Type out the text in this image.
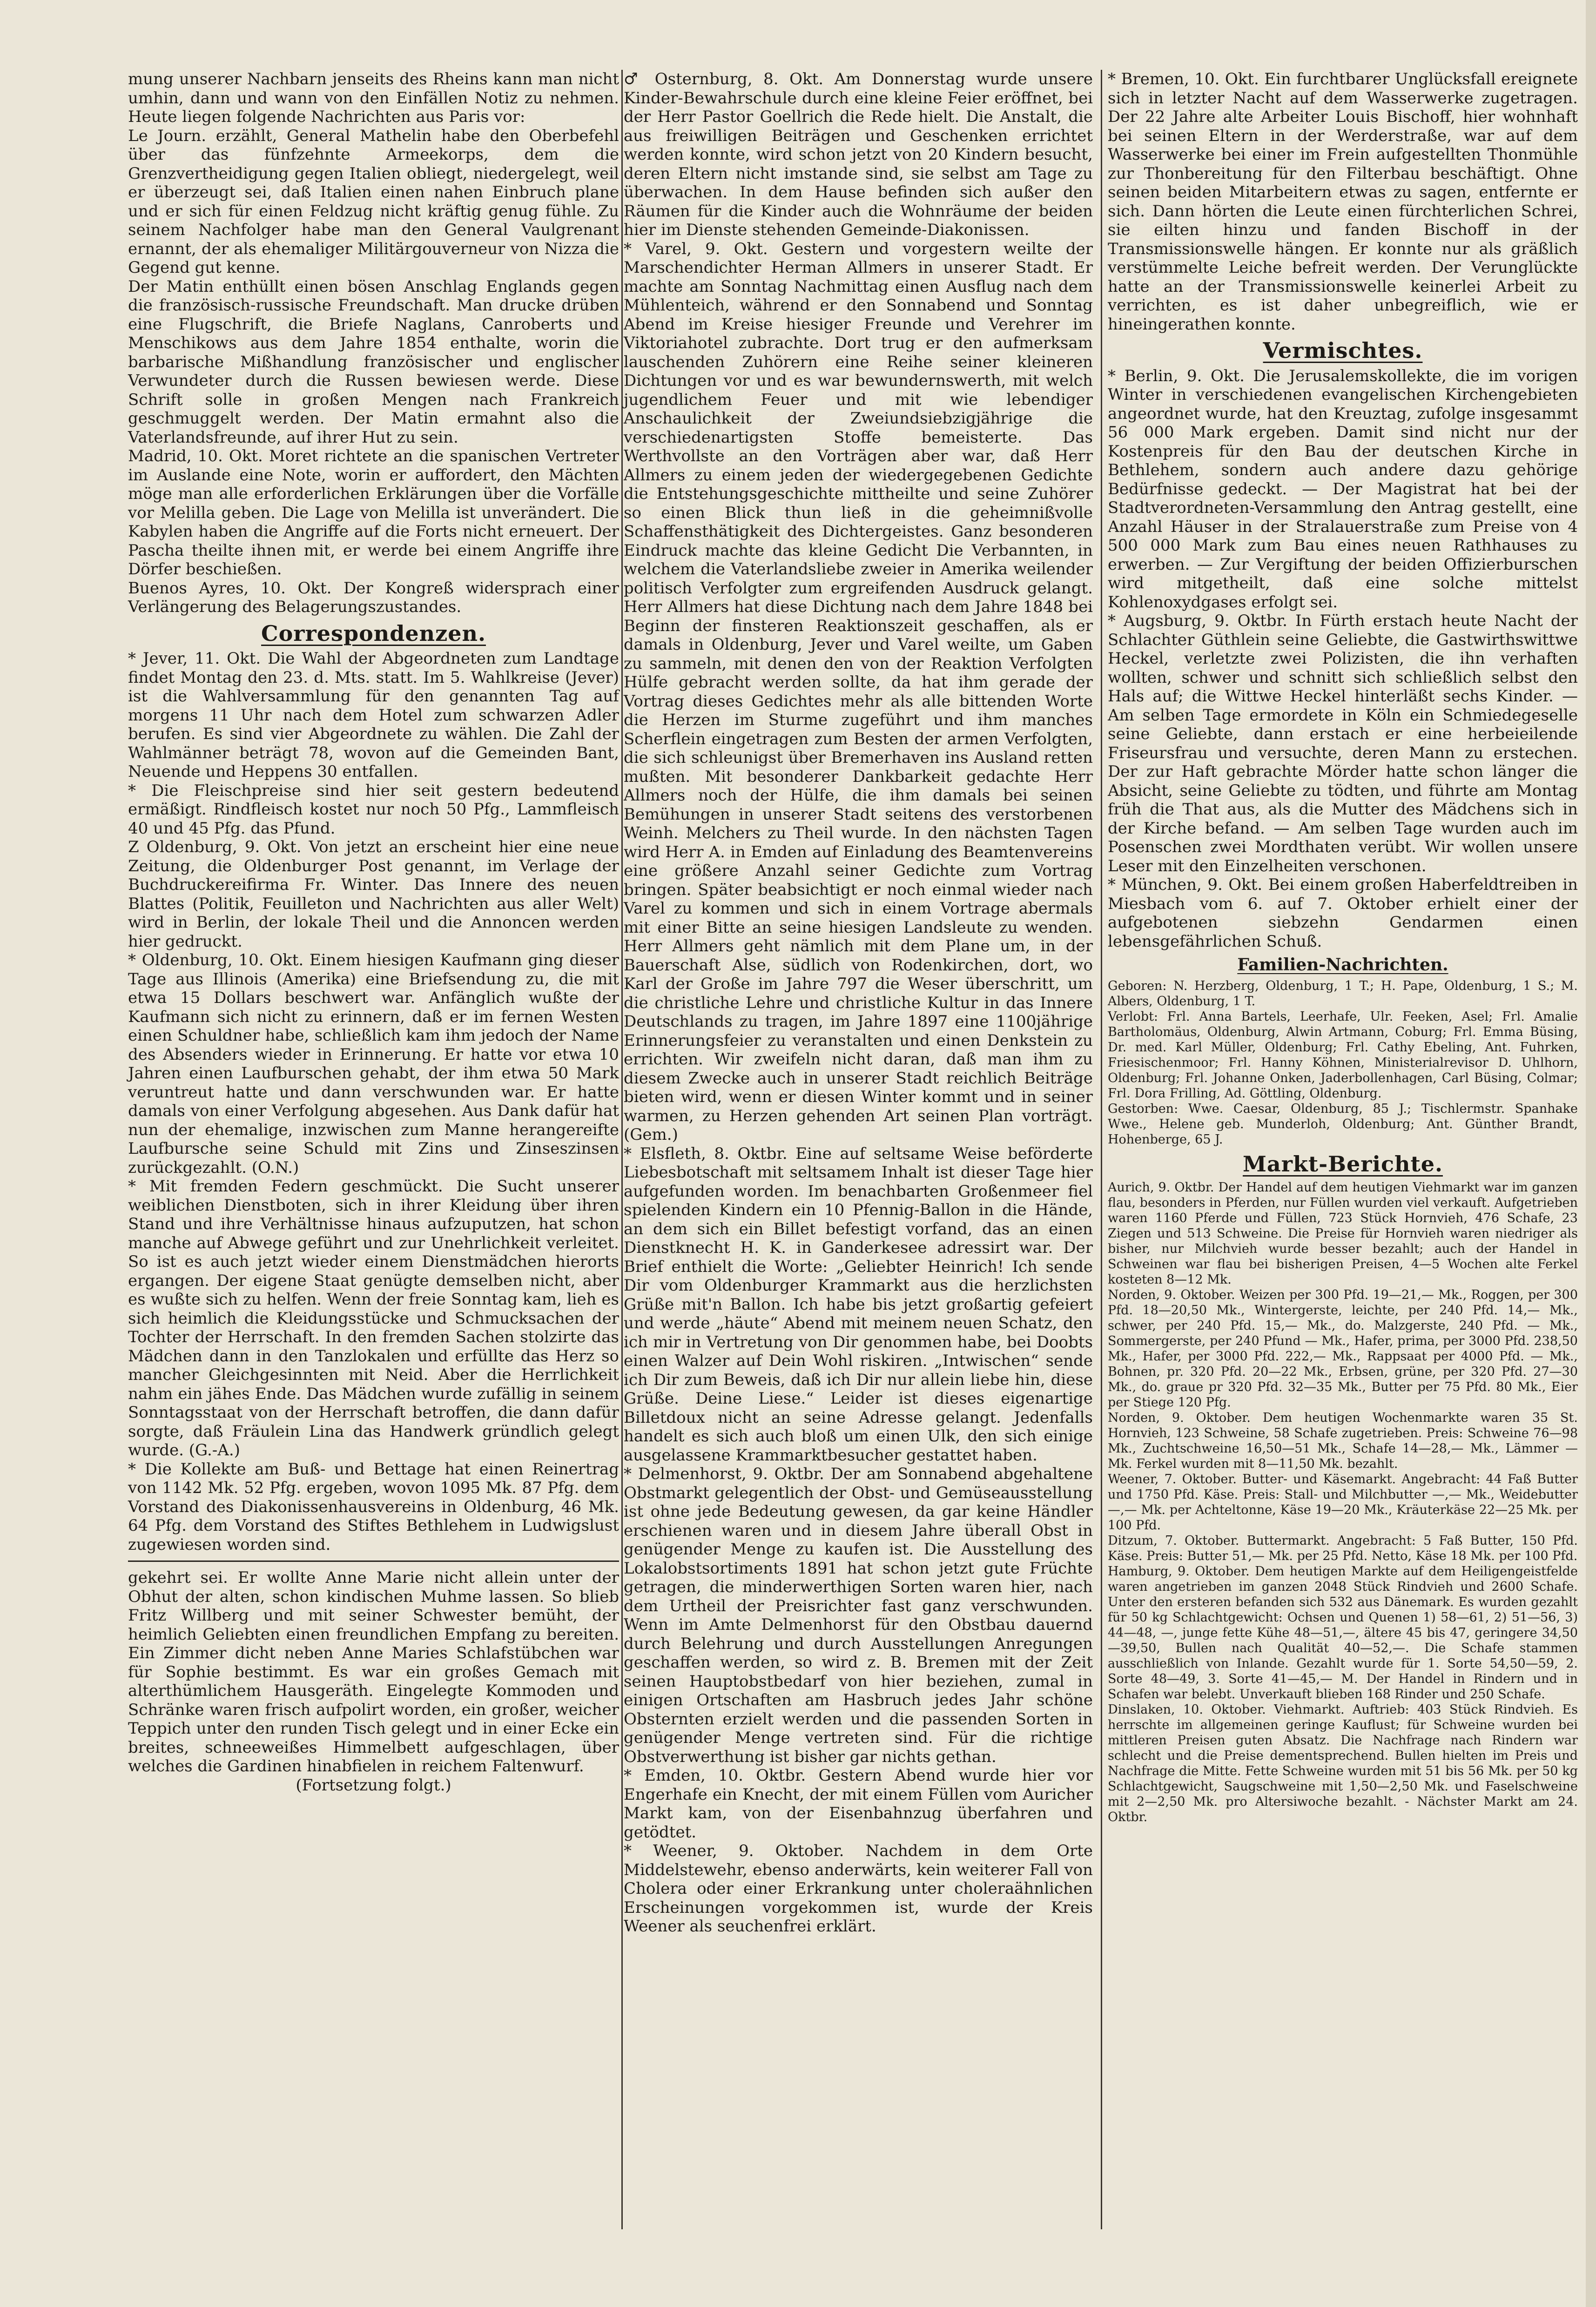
mung unserer Nachbarn jenseits des Rheins kann man nicht umhin, dann und wann von den Einfällen Notiz zu nehmen. Heute liegen folgende Nachrichten aus Paris vor:

Le Journ. erzählt, General Mathelin habe den Oberbefehl über das fünfzehnte Armeekorps, dem die Grenzvertheidigung gegen Italien obliegt, niedergelegt, weil er überzeugt sei, daß Italien einen nahen Einbruch plane und er sich für einen Feldzug nicht kräftig genug fühle. Zu seinem Nachfolger habe man den General Vaulgrenant ernannt, der als ehemaliger Militärgouverneur von Nizza die Gegend gut kenne.

Der Matin enthüllt einen bösen Anschlag Englands gegen die französisch-russische Freundschaft. Man drucke drüben eine Flugschrift, die Briefe Naglans, Canroberts und Menschikows aus dem Jahre 1854 enthalte, worin die barbarische Mißhandlung französischer und englischer Verwundeter durch die Russen bewiesen werde. Diese Schrift solle in großen Mengen nach Frankreich geschmuggelt werden. Der Matin ermahnt also die Vaterlandsfreunde, auf ihrer Hut zu sein.

Madrid, 10. Okt. Moret richtete an die spanischen Vertreter im Auslande eine Note, worin er auffordert, den Mächten möge man alle erforderlichen Erklärungen über die Vorfälle vor Melilla geben. Die Lage von Melilla ist unverändert. Die Kabylen haben die Angriffe auf die Forts nicht erneuert. Der Pascha theilte ihnen mit, er werde bei einem Angriffe ihre Dörfer beschießen.

Buenos Ayres, 10. Okt. Der Kongreß widersprach einer Verlängerung des Belagerungszustandes.

Correspondenzen.

* Jever, 11. Okt. Die Wahl der Abgeordneten zum Landtage findet Montag den 23. d. Mts. statt. Im 5. Wahlkreise (Jever) ist die Wahlversammlung für den genannten Tag auf morgens 11 Uhr nach dem Hotel zum schwarzen Adler berufen. Es sind vier Abgeordnete zu wählen. Die Zahl der Wahlmänner beträgt 78, wovon auf die Gemeinden Bant, Neuende und Heppens 30 entfallen.

* Die Fleischpreise sind hier seit gestern bedeutend ermäßigt. Rindfleisch kostet nur noch 50 Pfg., Lammfleisch 40 und 45 Pfg. das Pfund.

Z Oldenburg, 9. Okt. Von jetzt an erscheint hier eine neue Zeitung, die Oldenburger Post genannt, im Verlage der Buchdruckereifirma Fr. Winter. Das Innere des neuen Blattes (Politik, Feuilleton und Nachrichten aus aller Welt) wird in Berlin, der lokale Theil und die Annoncen werden hier gedruckt.

* Oldenburg, 10. Okt. Einem hiesigen Kaufmann ging dieser Tage aus Illinois (Amerika) eine Briefsendung zu, die mit etwa 15 Dollars beschwert war. Anfänglich wußte der Kaufmann sich nicht zu erinnern, daß er im fernen Westen einen Schuldner habe, schließlich kam ihm jedoch der Name des Absenders wieder in Erinnerung. Er hatte vor etwa 10 Jahren einen Laufburschen gehabt, der ihm etwa 50 Mark veruntreut hatte und dann verschwunden war. Er hatte damals von einer Verfolgung abgesehen. Aus Dank dafür hat nun der ehemalige, inzwischen zum Manne herangereifte Laufbursche seine Schuld mit Zins und Zinseszinsen zurückgezahlt. (O.N.)

* Mit fremden Federn geschmückt. Die Sucht unserer weiblichen Dienstboten, sich in ihrer Kleidung über ihren Stand und ihre Verhältnisse hinaus aufzuputzen, hat schon manche auf Abwege geführt und zur Unehrlichkeit verleitet. So ist es auch jetzt wieder einem Dienstmädchen hierorts ergangen. Der eigene Staat genügte demselben nicht, aber es wußte sich zu helfen. Wenn der freie Sonntag kam, lieh es sich heimlich die Kleidungsstücke und Schmucksachen der Tochter der Herrschaft. In den fremden Sachen stolzirte das Mädchen dann in den Tanzlokalen und erfüllte das Herz so mancher Gleichgesinnten mit Neid. Aber die Herrlichkeit nahm ein jähes Ende. Das Mädchen wurde zufällig in seinem Sonntagsstaat von der Herrschaft betroffen, die dann dafür sorgte, daß Fräulein Lina das Handwerk gründlich gelegt wurde. (G.-A.)

* Die Kollekte am Buß- und Bettage hat einen Reinertrag von 1142 Mk. 52 Pfg. ergeben, wovon 1095 Mk. 87 Pfg. dem Vorstand des Diakonissenhausvereins in Oldenburg, 46 Mk. 64 Pfg. dem Vorstand des Stiftes Bethlehem in Ludwigslust zugewiesen worden sind.

gekehrt sei. Er wollte Anne Marie nicht allein unter der Obhut der alten, schon kindischen Muhme lassen. So blieb Fritz Willberg und mit seiner Schwester bemüht, der heimlich Geliebten einen freundlichen Empfang zu bereiten. Ein Zimmer dicht neben Anne Maries Schlafstübchen war für Sophie bestimmt. Es war ein großes Gemach mit alterthümlichem Hausgeräth. Eingelegte Kommoden und Schränke waren frisch aufpolirt worden, ein großer, weicher Teppich unter den runden Tisch gelegt und in einer Ecke ein breites, schneeweißes Himmelbett aufgeschlagen, über welches die Gardinen hinabfielen in reichem Faltenwurf.

(Fortsetzung folgt.)

♂ Osternburg, 8. Okt. Am Donnerstag wurde unsere Kinder-Bewahrschule durch eine kleine Feier eröffnet, bei der Herr Pastor Goellrich die Rede hielt. Die Anstalt, die aus freiwilligen Beiträgen und Geschenken errichtet werden konnte, wird schon jetzt von 20 Kindern besucht, deren Eltern nicht imstande sind, sie selbst am Tage zu überwachen. In dem Hause befinden sich außer den Räumen für die Kinder auch die Wohnräume der beiden hier im Dienste stehenden Gemeinde-Diakonissen.

* Varel, 9. Okt. Gestern und vorgestern weilte der Marschendichter Herman Allmers in unserer Stadt. Er machte am Sonntag Nachmittag einen Ausflug nach dem Mühlenteich, während er den Sonnabend und Sonntag Abend im Kreise hiesiger Freunde und Verehrer im Viktoriahotel zubrachte. Dort trug er den aufmerksam lauschenden Zuhörern eine Reihe seiner kleineren Dichtungen vor und es war bewundernswerth, mit welch jugendlichem Feuer und mit wie lebendiger Anschaulichkeit der Zweiundsiebzigjährige die verschiedenartigsten Stoffe bemeisterte. Das Werthvollste an den Vorträgen aber war, daß Herr Allmers zu einem jeden der wiedergegebenen Gedichte die Entstehungsgeschichte mittheilte und seine Zuhörer so einen Blick thun ließ in die geheimnißvolle Schaffensthätigkeit des Dichtergeistes. Ganz besonderen Eindruck machte das kleine Gedicht Die Verbannten, in welchem die Vaterlandsliebe zweier in Amerika weilender politisch Verfolgter zum ergreifenden Ausdruck gelangt. Herr Allmers hat diese Dichtung nach dem Jahre 1848 bei Beginn der finsteren Reaktionszeit geschaffen, als er damals in Oldenburg, Jever und Varel weilte, um Gaben zu sammeln, mit denen den von der Reaktion Verfolgten Hülfe gebracht werden sollte, da hat ihm gerade der Vortrag dieses Gedichtes mehr als alle bittenden Worte die Herzen im Sturme zugeführt und ihm manches Scherflein eingetragen zum Besten der armen Verfolgten, die sich schleunigst über Bremerhaven ins Ausland retten mußten. Mit besonderer Dankbarkeit gedachte Herr Allmers noch der Hülfe, die ihm damals bei seinen Bemühungen in unserer Stadt seitens des verstorbenen Weinh. Melchers zu Theil wurde. In den nächsten Tagen wird Herr A. in Emden auf Einladung des Beamtenvereins eine größere Anzahl seiner Gedichte zum Vortrag bringen. Später beabsichtigt er noch einmal wieder nach Varel zu kommen und sich in einem Vortrage abermals mit einer Bitte an seine hiesigen Landsleute zu wenden. Herr Allmers geht nämlich mit dem Plane um, in der Bauerschaft Alse, südlich von Rodenkirchen, dort, wo Karl der Große im Jahre 797 die Weser überschritt, um die christliche Lehre und christliche Kultur in das Innere Deutschlands zu tragen, im Jahre 1897 eine 1100jährige Erinnerungsfeier zu veranstalten und einen Denkstein zu errichten. Wir zweifeln nicht daran, daß man ihm zu diesem Zwecke auch in unserer Stadt reichlich Beiträge bieten wird, wenn er diesen Winter kommt und in seiner warmen, zu Herzen gehenden Art seinen Plan vorträgt. (Gem.)

* Elsfleth, 8. Oktbr. Eine auf seltsame Weise beförderte Liebesbotschaft mit seltsamem Inhalt ist dieser Tage hier aufgefunden worden. Im benachbarten Großenmeer fiel spielenden Kindern ein 10 Pfennig-Ballon in die Hände, an dem sich ein Billet befestigt vorfand, das an einen Dienstknecht H. K. in Ganderkesee adressirt war. Der Brief enthielt die Worte: „Geliebter Heinrich! Ich sende Dir vom Oldenburger Krammarkt aus die herzlichsten Grüße mit'n Ballon. Ich habe bis jetzt großartig gefeiert und werde „häute“ Abend mit meinem neuen Schatz, den ich mir in Vertretung von Dir genommen habe, bei Doobts einen Walzer auf Dein Wohl riskiren. „Intwischen“ sende ich Dir zum Beweis, daß ich Dir nur allein liebe hin, diese Grüße. Deine Liese.“ Leider ist dieses eigenartige Billetdoux nicht an seine Adresse gelangt. Jedenfalls handelt es sich auch bloß um einen Ulk, den sich einige ausgelassene Krammarktbesucher gestattet haben.

* Delmenhorst, 9. Oktbr. Der am Sonnabend abgehaltene Obstmarkt gelegentlich der Obst- und Gemüseausstellung ist ohne jede Bedeutung gewesen, da gar keine Händler erschienen waren und in diesem Jahre überall Obst in genügender Menge zu kaufen ist. Die Ausstellung des Lokalobstsortiments 1891 hat schon jetzt gute Früchte getragen, die minderwerthigen Sorten waren hier, nach dem Urtheil der Preisrichter fast ganz verschwunden. Wenn im Amte Delmenhorst für den Obstbau dauernd durch Belehrung und durch Ausstellungen Anregungen geschaffen werden, so wird z. B. Bremen mit der Zeit seinen Hauptobstbedarf von hier beziehen, zumal in einigen Ortschaften am Hasbruch jedes Jahr schöne Obsternten erzielt werden und die passenden Sorten in genügender Menge vertreten sind. Für die richtige Obstverwerthung ist bisher gar nichts gethan.

* Emden, 10. Oktbr. Gestern Abend wurde hier vor Engerhafe ein Knecht, der mit einem Füllen vom Auricher Markt kam, von der Eisenbahnzug überfahren und getödtet.

* Weener, 9. Oktober. Nachdem in dem Orte Middelstewehr, ebenso anderwärts, kein weiterer Fall von Cholera oder einer Erkrankung unter choleraähnlichen Erscheinungen vorgekommen ist, wurde der Kreis Weener als seuchenfrei erklärt.

* Bremen, 10. Okt. Ein furchtbarer Unglücksfall ereignete sich in letzter Nacht auf dem Wasserwerke zugetragen. Der 22 Jahre alte Arbeiter Louis Bischoff, hier wohnhaft bei seinen Eltern in der Werderstraße, war auf dem Wasserwerke bei einer im Frein aufgestellten Thonmühle zur Thonbereitung für den Filterbau beschäftigt. Ohne seinen beiden Mitarbeitern etwas zu sagen, entfernte er sich. Dann hörten die Leute einen fürchterlichen Schrei, sie eilten hinzu und fanden Bischoff in der Transmissionswelle hängen. Er konnte nur als gräßlich verstümmelte Leiche befreit werden. Der Verunglückte hatte an der Transmissionswelle keinerlei Arbeit zu verrichten, es ist daher unbegreiflich, wie er hineingerathen konnte.

Vermischtes.

* Berlin, 9. Okt. Die Jerusalemskollekte, die im vorigen Winter in verschiedenen evangelischen Kirchengebieten angeordnet wurde, hat den Kreuztag, zufolge insgesammt 56 000 Mark ergeben. Damit sind nicht nur der Kostenpreis für den Bau der deutschen Kirche in Bethlehem, sondern auch andere dazu gehörige Bedürfnisse gedeckt. — Der Magistrat hat bei der Stadtverordneten-Versammlung den Antrag gestellt, eine Anzahl Häuser in der Stralauerstraße zum Preise von 4 500 000 Mark zum Bau eines neuen Rathhauses zu erwerben. — Zur Vergiftung der beiden Offizierburschen wird mitgetheilt, daß eine solche mittelst Kohlenoxydgases erfolgt sei.

* Augsburg, 9. Oktbr. In Fürth erstach heute Nacht der Schlachter Güthlein seine Geliebte, die Gastwirthswittwe Heckel, verletzte zwei Polizisten, die ihn verhaften wollten, schwer und schnitt sich schließlich selbst den Hals auf; die Wittwe Heckel hinterläßt sechs Kinder. — Am selben Tage ermordete in Köln ein Schmiedegeselle seine Geliebte, dann erstach er eine herbeieilende Friseursfrau und versuchte, deren Mann zu erstechen. Der zur Haft gebrachte Mörder hatte schon länger die Absicht, seine Geliebte zu tödten, und führte am Montag früh die That aus, als die Mutter des Mädchens sich in der Kirche befand. — Am selben Tage wurden auch im Posenschen zwei Mordthaten verübt. Wir wollen unsere Leser mit den Einzelheiten verschonen.

* München, 9. Okt. Bei einem großen Haberfeldtreiben in Miesbach vom 6. auf 7. Oktober erhielt einer der aufgebotenen siebzehn Gendarmen einen lebensgefährlichen Schuß.

Familien-Nachrichten.

Geboren: N. Herzberg, Oldenburg, 1 T.; H. Pape, Oldenburg, 1 S.; M. Albers, Oldenburg, 1 T.

Verlobt: Frl. Anna Bartels, Leerhafe, Ulr. Feeken, Asel; Frl. Amalie Bartholomäus, Oldenburg, Alwin Artmann, Coburg; Frl. Emma Büsing, Dr. med. Karl Müller, Oldenburg; Frl. Cathy Ebeling, Ant. Fuhrken, Friesischenmoor; Frl. Hanny Köhnen, Ministerialrevisor D. Uhlhorn, Oldenburg; Frl. Johanne Onken, Jaderbollenhagen, Carl Büsing, Colmar; Frl. Dora Frilling, Ad. Göttling, Oldenburg.

Gestorben: Wwe. Caesar, Oldenburg, 85 J.; Tischlermstr. Spanhake Wwe., Helene geb. Munderloh, Oldenburg; Ant. Günther Brandt, Hohenberge, 65 J.

Markt-Berichte.

Aurich, 9. Oktbr. Der Handel auf dem heutigen Viehmarkt war im ganzen flau, besonders in Pferden, nur Füllen wurden viel verkauft. Aufgetrieben waren 1160 Pferde und Füllen, 723 Stück Hornvieh, 476 Schafe, 23 Ziegen und 513 Schweine. Die Preise für Hornvieh waren niedriger als bisher, nur Milchvieh wurde besser bezahlt; auch der Handel in Schweinen war flau bei bisherigen Preisen, 4—5 Wochen alte Ferkel kosteten 8—12 Mk.

Norden, 9. Oktober. Weizen per 300 Pfd. 19—21,— Mk., Roggen, per 300 Pfd. 18—20,50 Mk., Wintergerste, leichte, per 240 Pfd. 14,— Mk., schwer, per 240 Pfd. 15,— Mk., do. Malzgerste, 240 Pfd. — Mk., Sommergerste, per 240 Pfund — Mk., Hafer, prima, per 3000 Pfd. 238,50 Mk., Hafer, per 3000 Pfd. 222,— Mk., Rappsaat per 4000 Pfd. — Mk., Bohnen, pr. 320 Pfd. 20—22 Mk., Erbsen, grüne, per 320 Pfd. 27—30 Mk., do. graue pr 320 Pfd. 32—35 Mk., Butter per 75 Pfd. 80 Mk., Eier per Stiege 120 Pfg.

Norden, 9. Oktober. Dem heutigen Wochenmarkte waren 35 St. Hornvieh, 123 Schweine, 58 Schafe zugetrieben. Preis: Schweine 76—98 Mk., Zuchtschweine 16,50—51 Mk., Schafe 14—28,— Mk., Lämmer — Mk. Ferkel wurden mit 8—11,50 Mk. bezahlt.

Weener, 7. Oktober. Butter- und Käsemarkt. Angebracht: 44 Faß Butter und 1750 Pfd. Käse. Preis: Stall- und Milchbutter —,— Mk., Weidebutter —,— Mk. per Achteltonne, Käse 19—20 Mk., Kräuterkäse 22—25 Mk. per 100 Pfd.

Ditzum, 7. Oktober. Buttermarkt. Angebracht: 5 Faß Butter, 150 Pfd. Käse. Preis: Butter 51,— Mk. per 25 Pfd. Netto, Käse 18 Mk. per 100 Pfd.

Hamburg, 9. Oktober. Dem heutigen Markte auf dem Heiligengeistfelde waren angetrieben im ganzen 2048 Stück Rindvieh und 2600 Schafe. Unter den ersteren befanden sich 532 aus Dänemark. Es wurden gezahlt für 50 kg Schlachtgewicht: Ochsen und Quenen 1) 58—61, 2) 51—56, 3) 44—48, —, junge fette Kühe 48—51,—, ältere 45 bis 47, geringere 34,50—39,50, Bullen nach Qualität 40—52,—. Die Schafe stammen ausschließlich von Inlande. Gezahlt wurde für 1. Sorte 54,50—59, 2. Sorte 48—49, 3. Sorte 41—45,— M. Der Handel in Rindern und in Schafen war belebt. Unverkauft blieben 168 Rinder und 250 Schafe.

Dinslaken, 10. Oktober. Viehmarkt. Auftrieb: 403 Stück Rindvieh. Es herrschte im allgemeinen geringe Kauflust; für Schweine wurden bei mittleren Preisen guten Absatz. Die Nachfrage nach Rindern war schlecht und die Preise dementsprechend. Bullen hielten im Preis und Nachfrage die Mitte. Fette Schweine wurden mit 51 bis 56 Mk. per 50 kg Schlachtgewicht, Saugschweine mit 1,50—2,50 Mk. und Faselschweine mit 2—2,50 Mk. pro Altersiwoche bezahlt. - Nächster Markt am 24. Oktbr.
